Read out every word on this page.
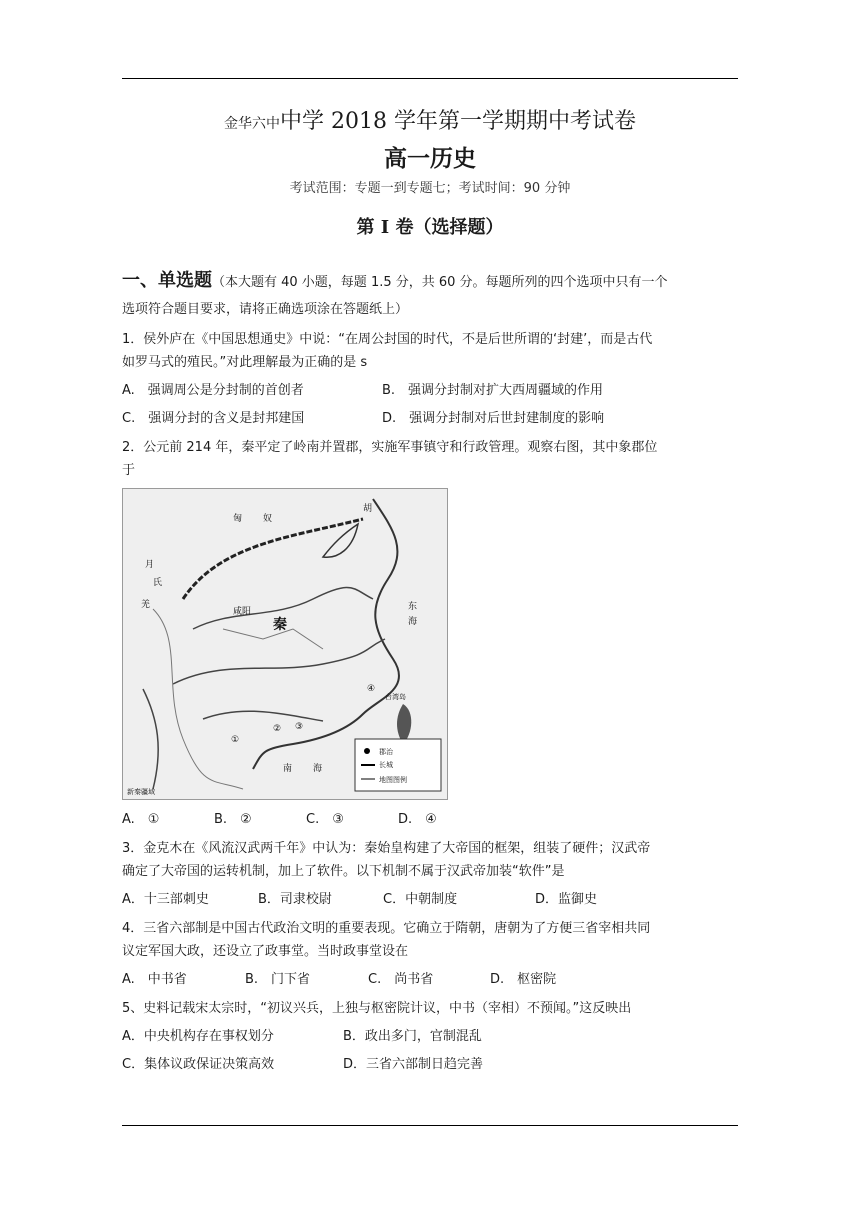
金华六中中学 2018 学年第一学期期中考试卷
高一历史
考试范围：专题一到专题七；考试时间：90 分钟
第 I 卷（选择题）
一、单选题（本大题有 40 小题，每题 1.5 分，共 60 分。每题所列的四个选项中只有一个
选项符合题目要求，请将正确选项涂在答题纸上）
1．侯外庐在《中国思想通史》中说：“在周公封国的时代，不是后世所谓的‘封建’，而是古代
如罗马式的殖民。”对此理解最为正确的是 s
A.　强调周公是分封制的首创者	B.　强调分封制对扩大西周疆域的作用
C.　强调分封的含义是封邦建国	D.　强调分封制对后世封建制度的影响
2．公元前 214 年，秦平定了岭南并置郡，实施军事镇守和行政管理。观察右图，其中象郡位
于
匈 奴
胡
月
氏
羌
咸阳
秦
东
海
南 海
台湾岛
①
② ③
④
长城
郡治
地图图例
新秦疆域
A.　①	B.　②	C.　③	D.　④
3．金克木在《风流汉武两千年》中认为：秦始皇构建了大帝国的框架，组装了硬件；汉武帝
确定了大帝国的运转机制，加上了软件。以下机制不属于汉武帝加装“软件”是
A．十三部刺史	B．司隶校尉	C．中朝制度	D．监御史
4．三省六部制是中国古代政治文明的重要表现。它确立于隋朝，唐朝为了方便三省宰相共同
议定军国大政，还设立了政事堂。当时政事堂设在
A.　中书省	B.　门下省	C.　尚书省	D.　枢密院
5、史料记载宋太宗时，“初议兴兵，上独与枢密院计议，中书（宰相）不预闻。”这反映出
A．中央机构存在事权划分	B．政出多门，官制混乱
C．集体议政保证决策高效	D．三省六部制日趋完善
